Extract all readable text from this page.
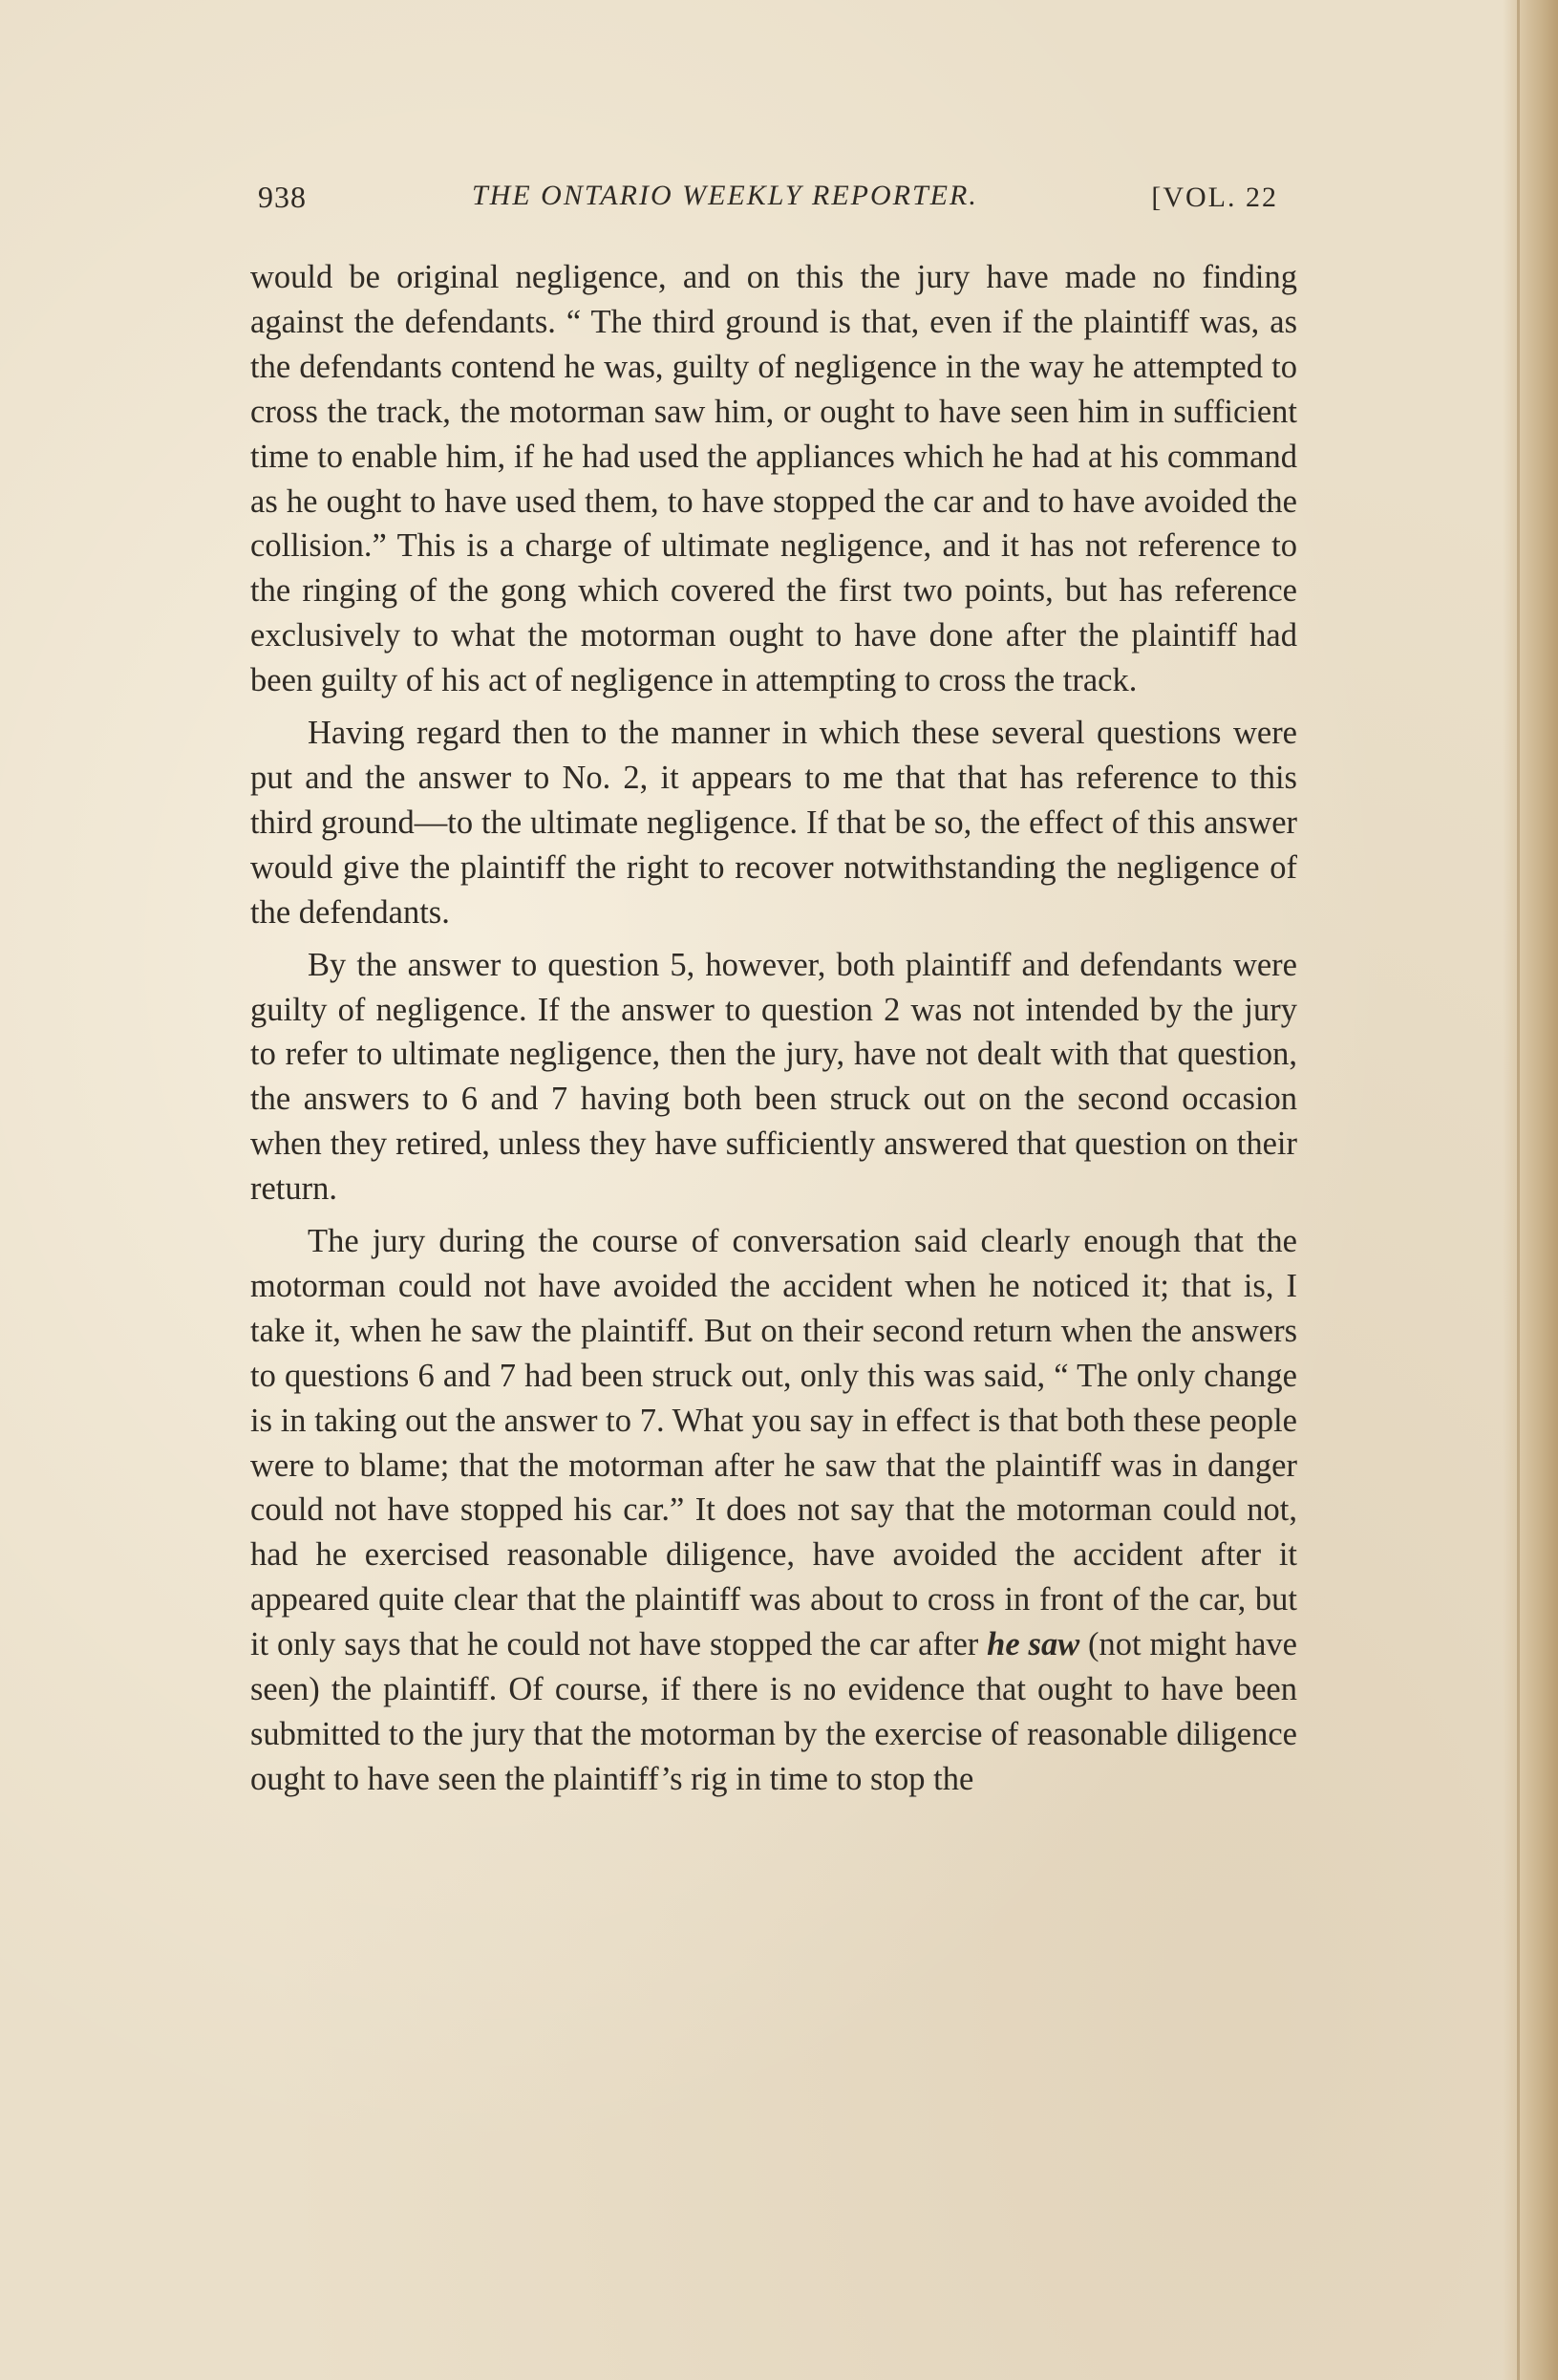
938	THE ONTARIO WEEKLY REPORTER.	[VOL. 22

would be original negligence, and on this the jury have made no finding against the defendants. “ The third ground is that, even if the plaintiff was, as the defendants contend he was, guilty of negligence in the way he attempted to cross the track, the motorman saw him, or ought to have seen him in sufficient time to enable him, if he had used the appliances which he had at his command as he ought to have used them, to have stopped the car and to have avoided the collision.” This is a charge of ultimate negligence, and it has not reference to the ringing of the gong which covered the first two points, but has reference exclusively to what the motorman ought to have done after the plaintiff had been guilty of his act of negligence in attempting to cross the track.

Having regard then to the manner in which these several questions were put and the answer to No. 2, it appears to me that that has reference to this third ground—to the ultimate negligence. If that be so, the effect of this answer would give the plaintiff the right to recover notwithstanding the negligence of the defendants.

By the answer to question 5, however, both plaintiff and defendants were guilty of negligence. If the answer to question 2 was not intended by the jury to refer to ultimate negligence, then the jury, have not dealt with that question, the answers to 6 and 7 having both been struck out on the second occasion when they retired, unless they have sufficiently answered that question on their return.

The jury during the course of conversation said clearly enough that the motorman could not have avoided the accident when he noticed it; that is, I take it, when he saw the plaintiff. But on their second return when the answers to questions 6 and 7 had been struck out, only this was said, “ The only change is in taking out the answer to 7. What you say in effect is that both these people were to blame; that the motorman after he saw that the plaintiff was in danger could not have stopped his car.” It does not say that the motorman could not, had he exercised reasonable diligence, have avoided the accident after it appeared quite clear that the plaintiff was about to cross in front of the car, but it only says that he could not have stopped the car after he saw (not might have seen) the plaintiff. Of course, if there is no evidence that ought to have been submitted to the jury that the motorman by the exercise of reasonable diligence ought to have seen the plaintiff’s rig in time to stop the
